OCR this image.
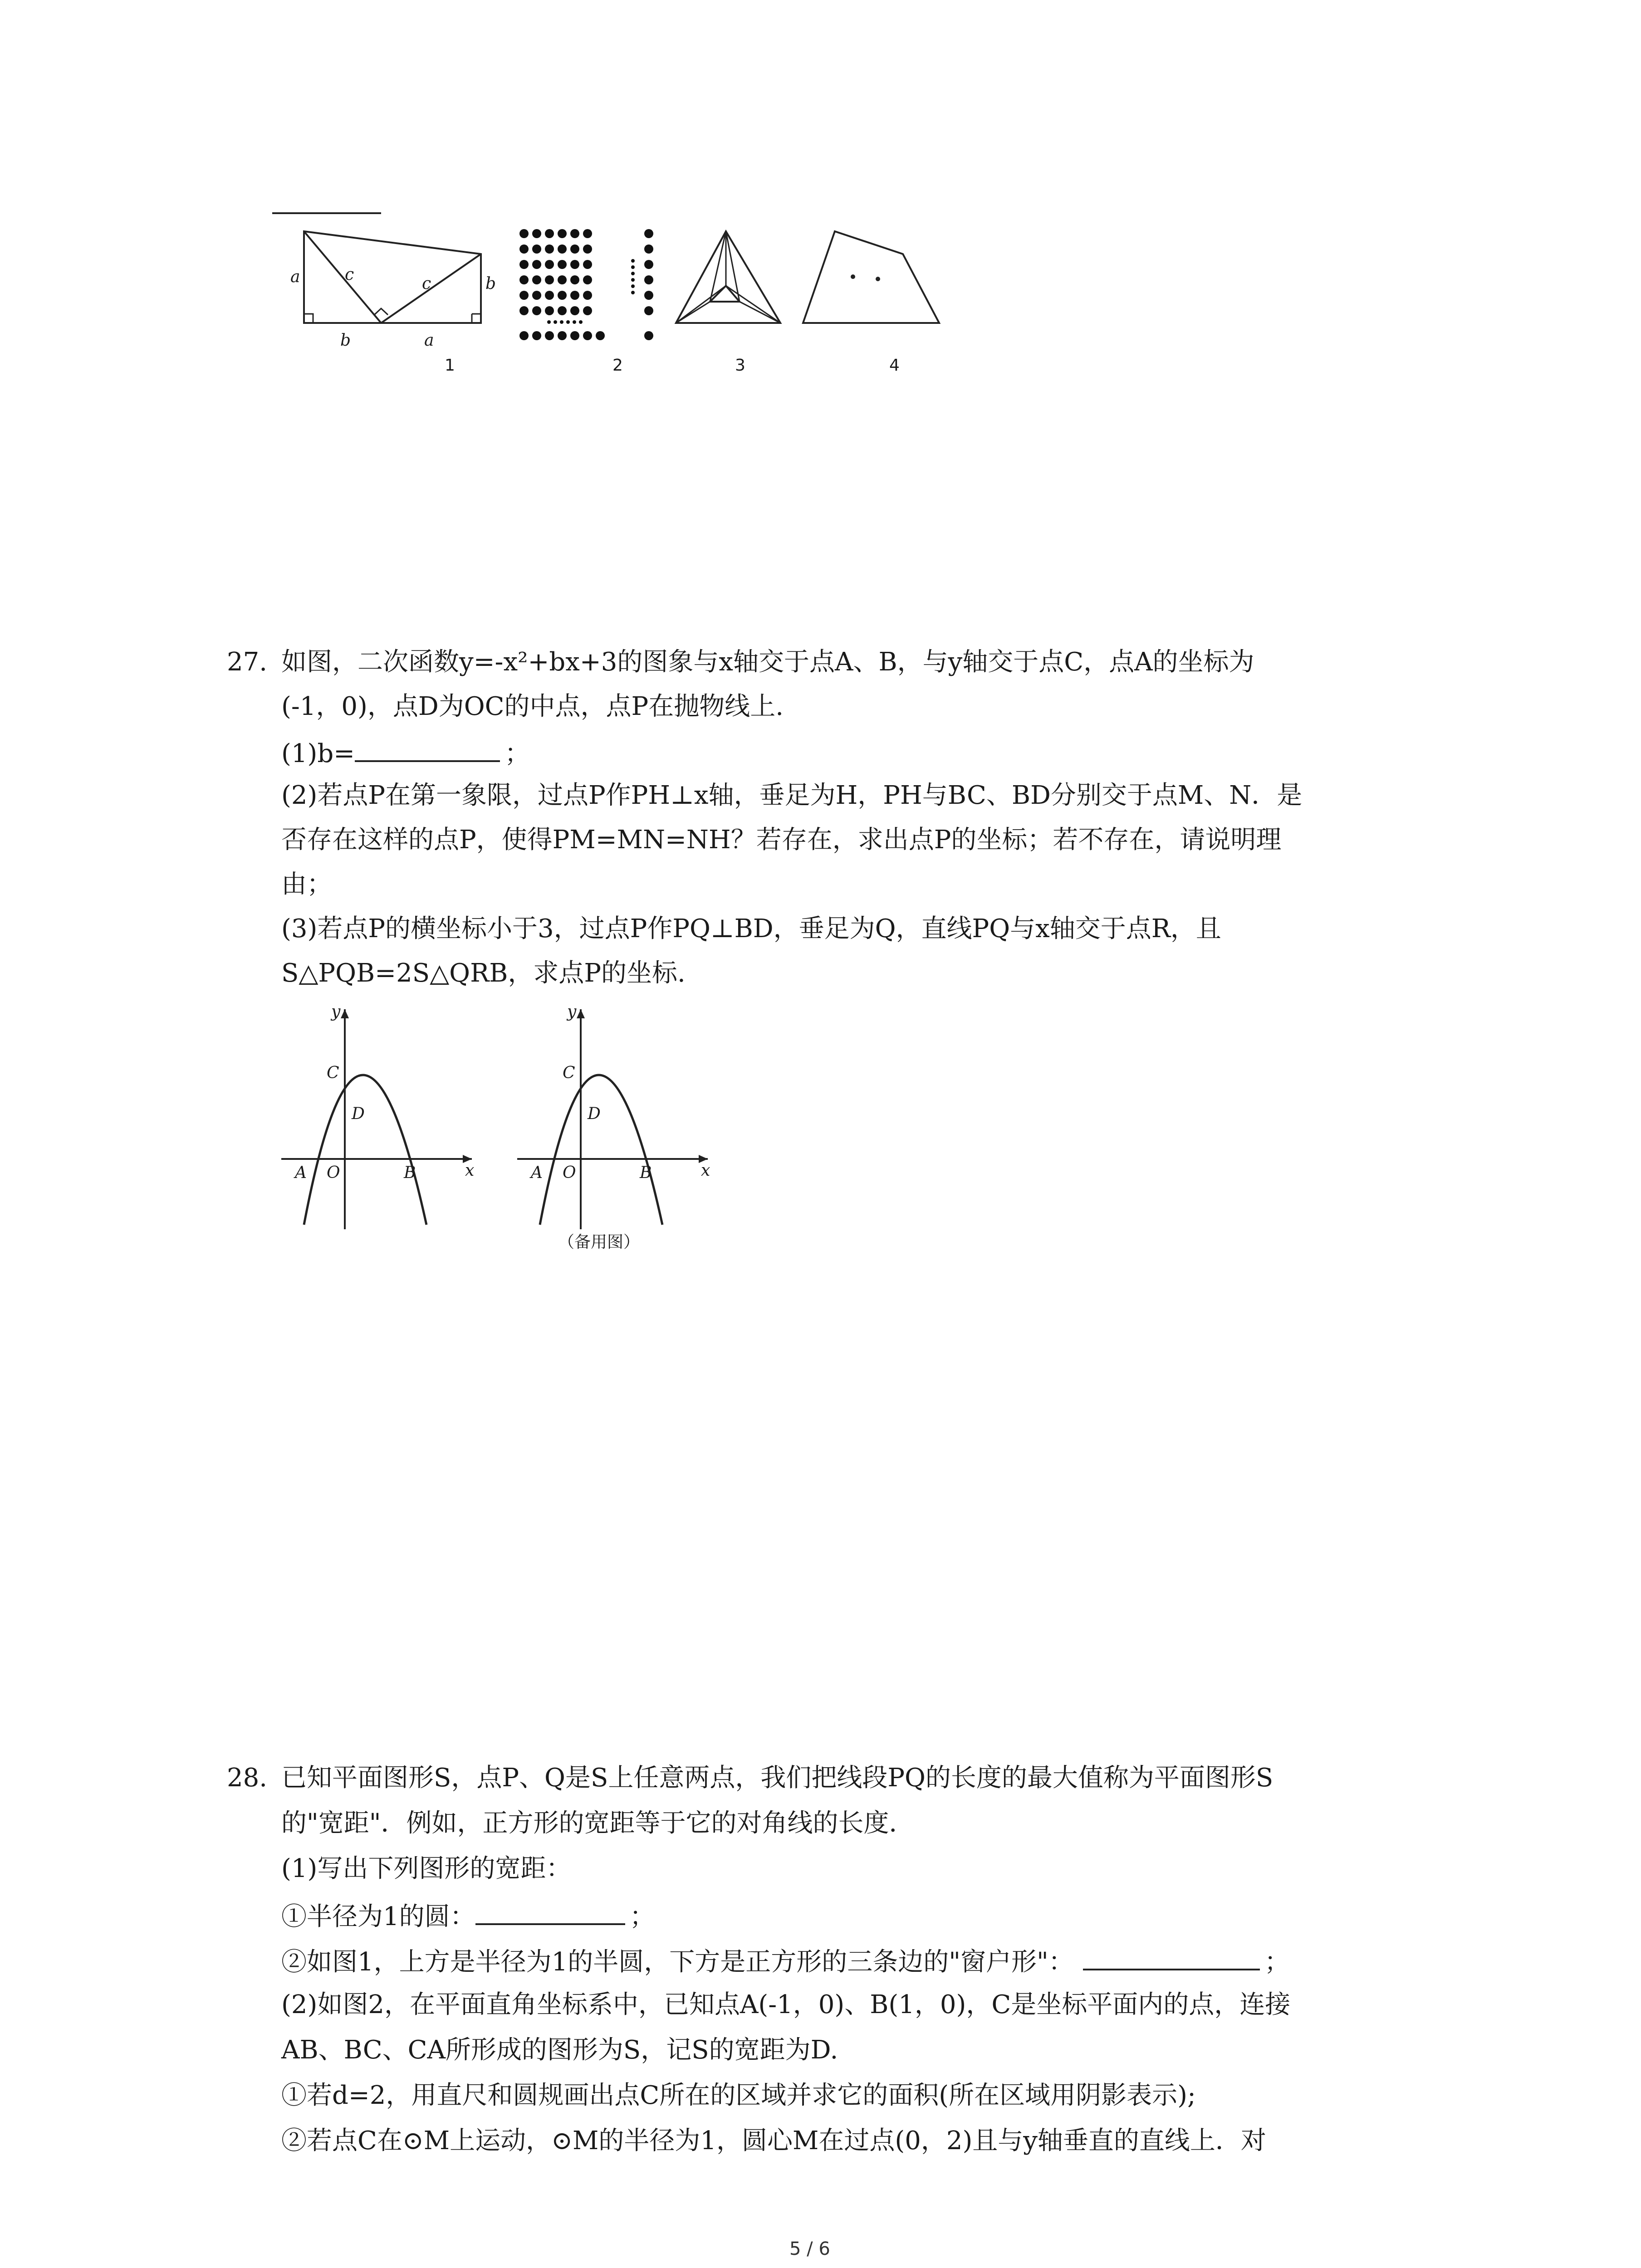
a	c	c	b
b	a
1	2	3	4
27. 如图，二次函数y=-x²+bx+3的图象与x轴交于点A、B，与y轴交于点C，点A的坐标为
(-1，0)，点D为OC的中点，点P在抛物线上.
(1)b=	；
(2)若点P在第一象限，过点P作PH⊥x轴，垂足为H，PH与BC、BD分别交于点M、N．是
否存在这样的点P，使得PM=MN=NH？若存在，求出点P的坐标；若不存在，请说明理
由；
(3)若点P的横坐标小于3，过点P作PQ⊥BD，垂足为Q，直线PQ与x轴交于点R，且
S△PQB=2S△QRB，求点P的坐标.
y
x
C
D
A O	B
y
x
C
D
A O	B
（备用图）
28. 已知平面图形S，点P、Q是S上任意两点，我们把线段PQ的长度的最大值称为平面图形S
的"宽距"．例如，正方形的宽距等于它的对角线的长度．
(1)写出下列图形的宽距：
①半径为1的圆：	；
②如图1，上方是半径为1的半圆，下方是正方形的三条边的"窗户形"：	；
(2)如图2，在平面直角坐标系中，已知点A(-1，0)、B(1，0)，C是坐标平面内的点，连接
AB、BC、CA所形成的图形为S，记S的宽距为D.
①若d=2，用直尺和圆规画出点C所在的区域并求它的面积(所在区域用阴影表示);
②若点C在⊙M上运动，⊙M的半径为1，圆心M在过点(0，2)且与y轴垂直的直线上．对
5 / 6
